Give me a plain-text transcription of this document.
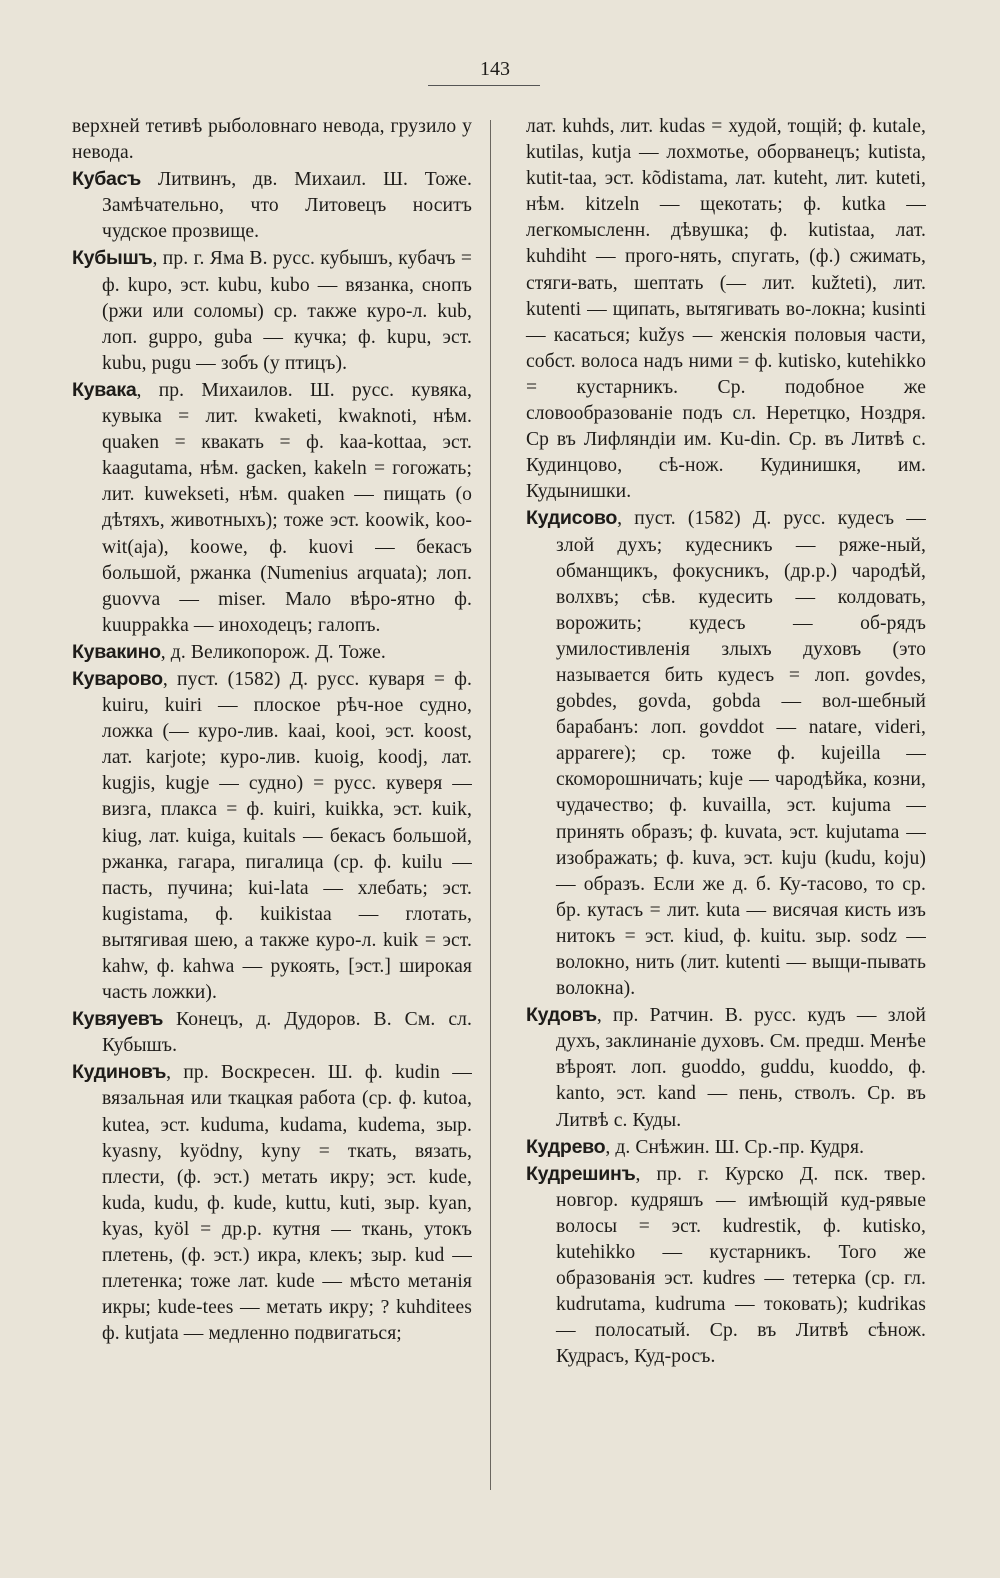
143

верхней тетивѣ рыболовнаго невода, грузило у невода.

Кубасъ Литвинъ, дв. Михаил. Ш. Тоже. Замѣчательно, что Литовецъ носитъ чудское прозвище.

Кубышъ, пр. г. Яма В. русс. кубышъ, кубачъ = ф. kupo, эст. kubu, kubo — вязанка, снопъ (ржи или соломы) ср. также куро-л. kub, лоп. gupро, guba — кучка; ф. kupu, эст. kubu, pugu — зобъ (у птицъ).

Кувака, пр. Михаилов. Ш. русс. кувяка, кувыка = лит. kwaketi, kwaknoti, нѣм. quaken = квакать = ф. kaa-kottaa, эст. kaagutama, нѣм. gacken, kakeln = гогожать; лит. kuwekseti, нѣм. quaken — пищать (о дѣтяхъ, животныхъ); тоже эст. koowik, koo-wit(aja), koowe, ф. kuovi — бекасъ большой, ржанка (Numenius arquata); лоп. guovva — miser. Мало вѣро-ятно ф. kuuppakka — иноходецъ; галопъ.

Кувакино, д. Великопорож. Д. Тоже.

Куварово, пуст. (1582) Д. русс. куваря = ф. kuiru, kuiri — плоское рѣч-ное судно, ложка (— куро-лив. kaai, kooi, эст. koost, лат. karjote; куро-лив. kuoig, koodj, лат. kugjis, kugje — судно) = русс. куверя — визга, плакса = ф. kuiri, kuikka, эст. kuik, kiug, лат. kuiga, kuitals — бекасъ большой, ржанка, гагара, пигалица (ср. ф. kuilu — пасть, пучина; kui-lata — хлебать; эст. kugistama, ф. kuikistaa — глотать, вытягивая шею, а также куро-л. kuik = эст. kahw, ф. kahwa — рукоять, [эст.] широкая часть ложки).

Кувяуевъ Конецъ, д. Дудоров. В. См. сл. Кубышъ.

Кудиновъ, пр. Воскресен. Ш. ф. kudin — вязальная или ткацкая работа (ср. ф. kutoa, kutea, эст. kuduma, kudama, kudema, зыр. kyasny, kyödny, kyny = ткать, вязать, плести, (ф. эст.) метать икру; эст. kude, kuda, kudu, ф. kude, kuttu, kuti, зыр. kyan, kyas, kyöl = др.р. кутня — ткань, утокъ плетень, (ф. эст.) икра, клекъ; зыр. kud — плетенка; тоже лат. kude — мѣсто метанія икры; kude-tees — метать икру; ? kuhditees ф. kutjata — медленно подвигаться;

лат. kuhds, лит. kudas = худой, тощій; ф. kutale, kutilas, kutja — лохмотье, оборванецъ; kutista, kutit-taa, эст. kõdistama, лат. kuteht, лит. kuteti, нѣм. kitzeln — щекотать; ф. kutka — легкомысленн. дѣвушка; ф. kutistaa, лат. kuhdiht — прого-нять, спугать, (ф.) сжимать, стяги-вать, шептать (— лит. kužteti), лит. kutenti — щипать, вытягивать во-локна; kusinti — касаться; kužys — женскія половыя части, собст. волоса надъ ними = ф. kutisko, kutehikko = кустарникъ. Ср. подобное же словообразованіе подъ сл. Неретцко, Ноздря. Ср въ Лифляндіи им. Ku-din. Ср. въ Литвѣ с. Кудинцово, сѣ-нож. Кудинишкя, им. Кудынишки.

Кудисово, пуст. (1582) Д. русс. кудесъ — злой духъ; кудесникъ — ряже-ный, обманщикъ, фокусникъ, (др.р.) чародѣй, волхвъ; сѣв. кудесить — колдовать, ворожить; кудесъ — об-рядъ умилостивленія злыхъ духовъ (это называется бить кудесъ = лоп. govdes, gobdes, govda, gobda — вол-шебный барабанъ: лоп. govddot — natare, videri, apparere); ср. тоже ф. kujeilla — скоморошничать; kuje — чародѣйка, козни, чудачество; ф. kuvailla, эст. kujuma — принять образъ; ф. kuvata, эст. kujutama — изображать; ф. kuva, эст. kuju (kudu, koju) — образъ. Если же д. б. Ку-тасово, то ср. бр. кутасъ = лит. kuta — висячая кисть изъ нитокъ = эст. kiud, ф. kuitu. зыр. sodz — волокно, нить (лит. kutenti — выщи-пывать волокна).

Кудовъ, пр. Ратчин. В. русс. кудъ — злой духъ, заклинаніе духовъ. См. предш. Менѣе вѣроят. лоп. guoddo, guddu, kuoddo, ф. kanto, эст. kand — пень, стволъ. Ср. въ Литвѣ с. Куды.

Кудрево, д. Снѣжин. Ш. Ср.-пр. Кудря.

Кудрешинъ, пр. г. Курско Д. пск. твер. новгор. кудряшъ — имѣющій куд-рявые волосы = эст. kudrestik, ф. kutisko, kutehikko — кустарникъ. Того же образованія эст. kudres — тетерка (ср. гл. kudrutama, kudruma — токовать); kudrikas — полосатый. Ср. въ Литвѣ сѣнож. Кудрасъ, Куд-росъ.
